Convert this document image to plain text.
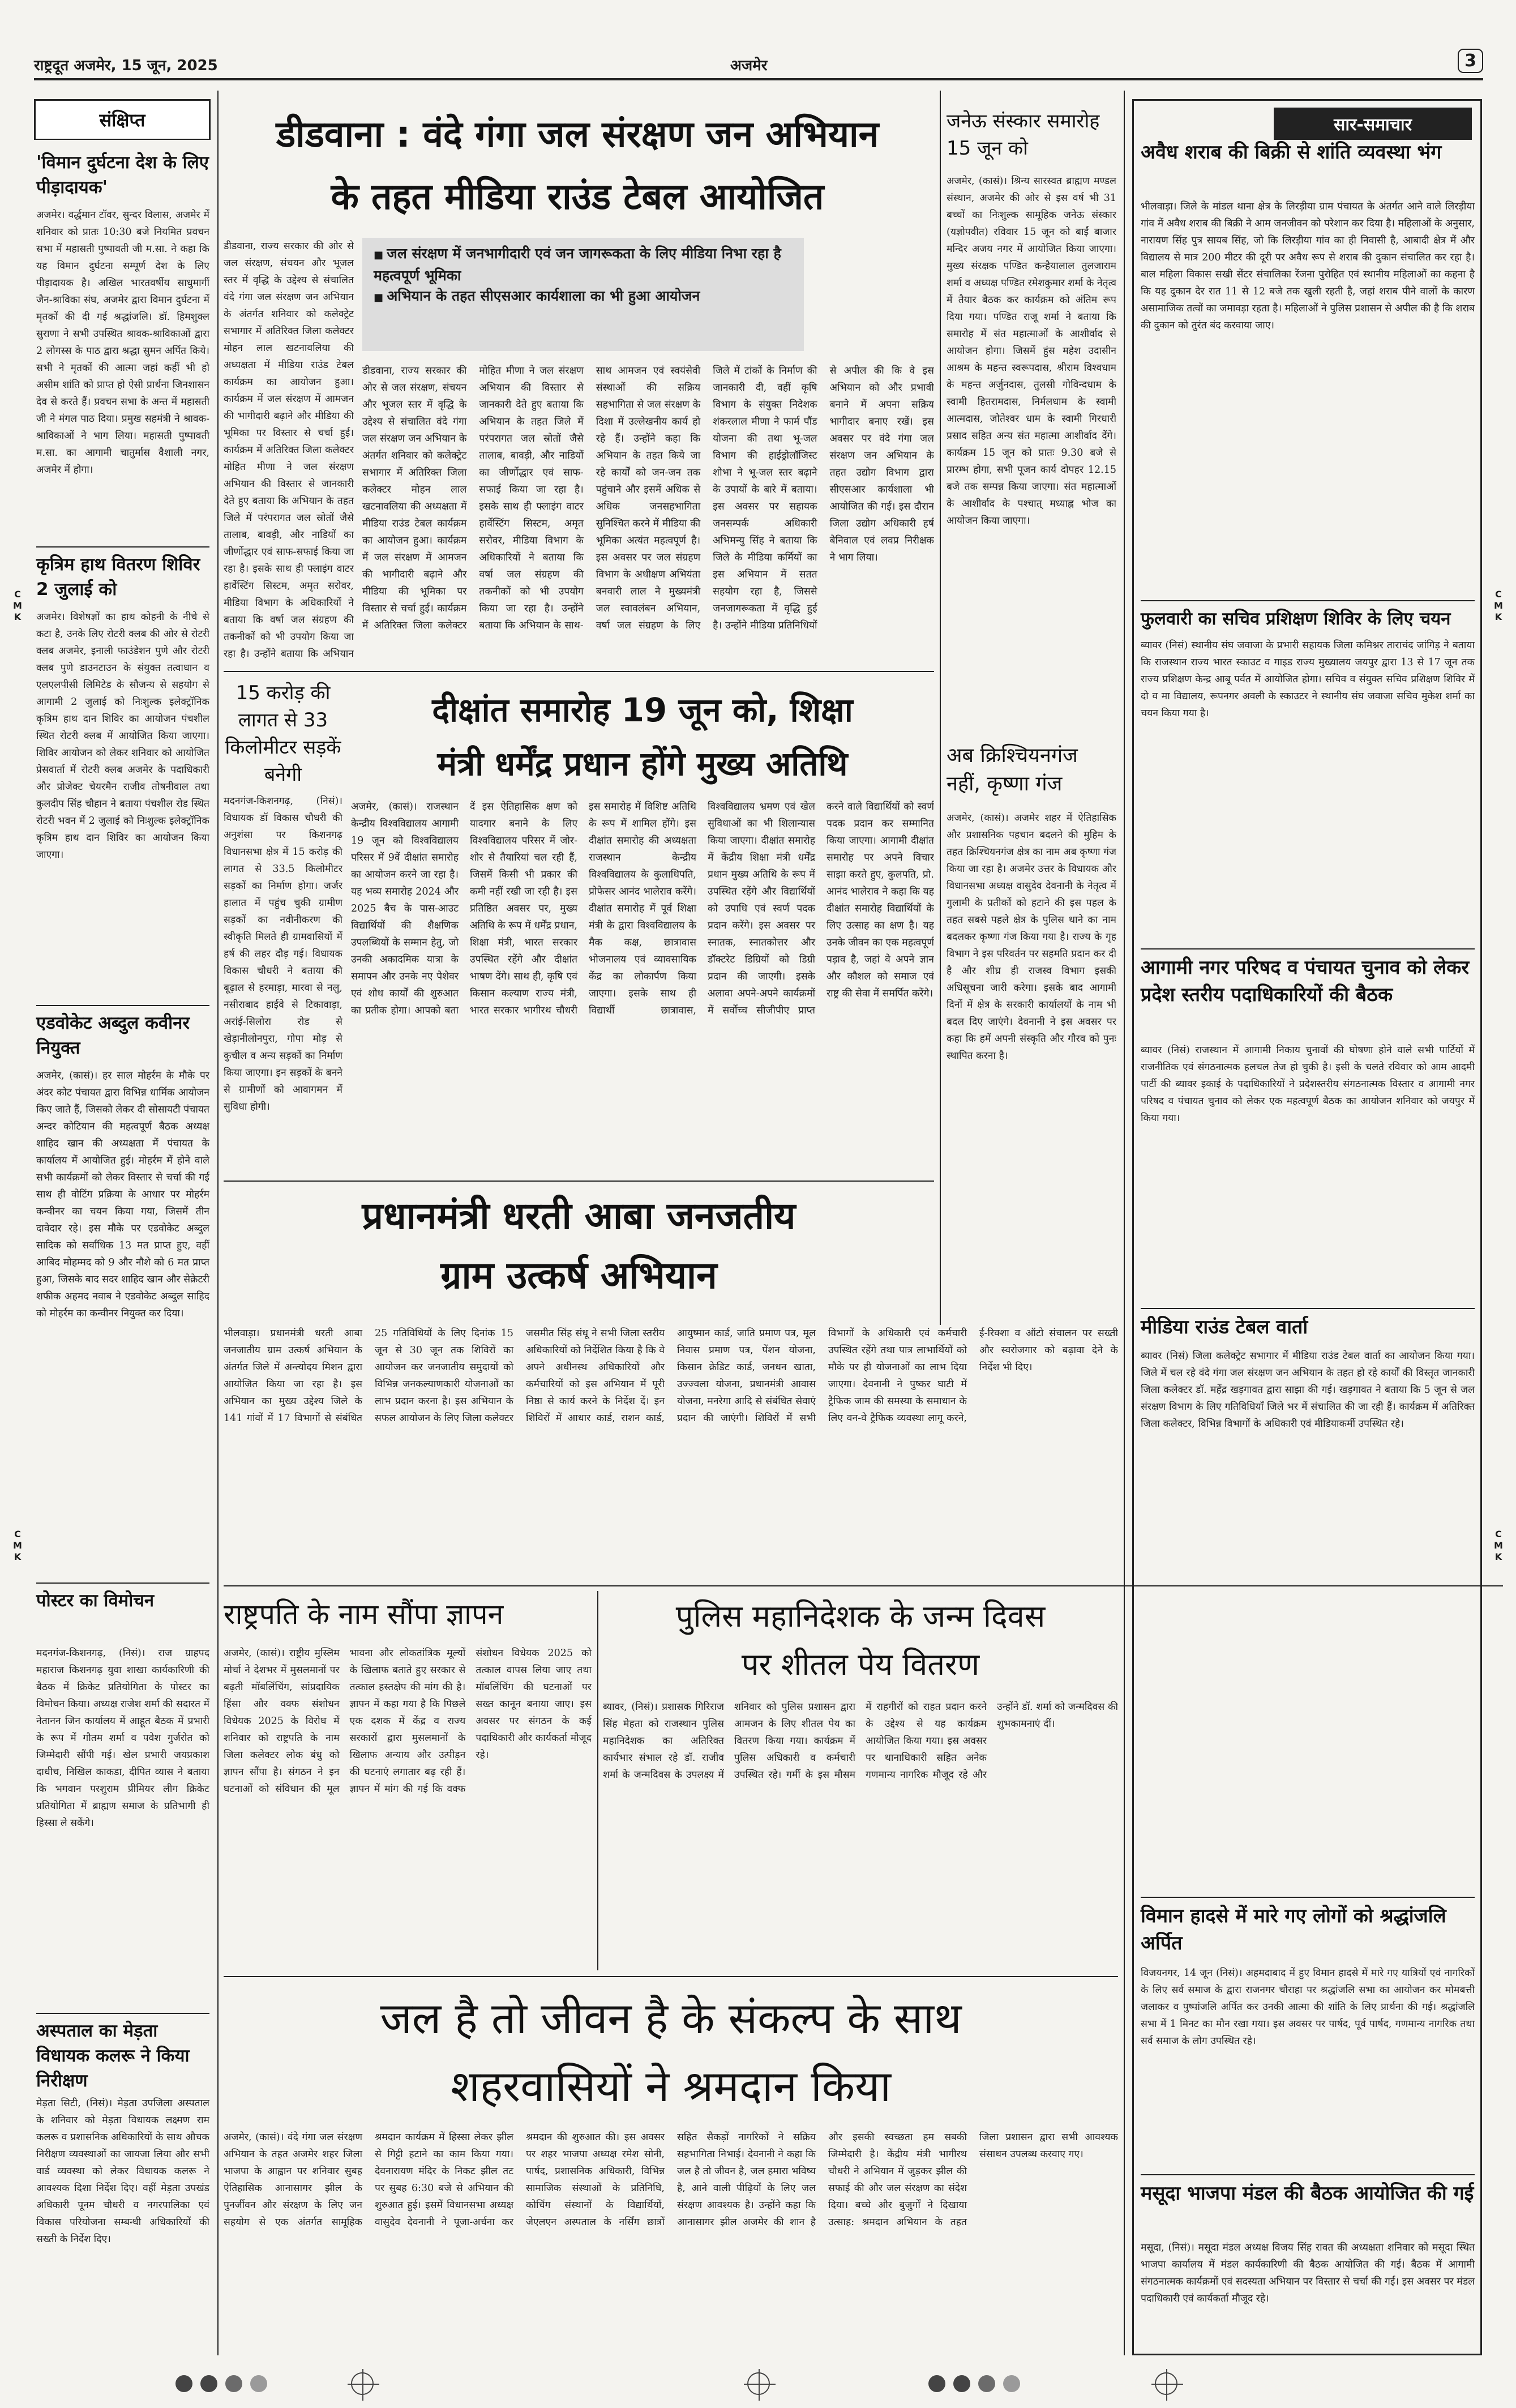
राष्ट्रदूत अजमेर, 15 जून, 2025	अजमेर	3
C
M
K
C
M
K
C
M
K
C
M
K
संक्षिप्त
'विमान दुर्घटना देश के लिए पीड़ादायक'
अजमेर। वर्द्धमान टॉवर, सुन्दर विलास, अजमेर में शनिवार को प्रातः 10:30 बजे नियमित प्रवचन सभा में महासती पुष्पावती जी म.सा. ने कहा कि यह विमान दुर्घटना सम्पूर्ण देश के लिए पीड़ादायक है। अखिल भारतवर्षीय साधुमार्गी जैन-श्राविका संघ, अजमेर द्वारा विमान दुर्घटना में मृतकों की दी गई श्रद्धांजलि। डॉ. हिमशुक्ल सुराणा ने सभी उपस्थित श्रावक-श्राविकाओं द्वारा 2 लोगस्स के पाठ द्वारा श्रद्धा सुमन अर्पित किये। सभी ने मृतकों की आत्मा जहां कहीं भी हो असीम शांति को प्राप्त हो ऐसी प्रार्थना जिनशासन देव से करते हैं। प्रवचन सभा के अन्त में महासती जी ने मंगल पाठ दिया। प्रमुख सहमंत्री ने श्रावक-श्राविकाओं ने भाग लिया। महासती पुष्पावती म.सा. का आगामी चातुर्मास वैशाली नगर, अजमेर में होगा।
कृत्रिम हाथ वितरण शिविर 2 जुलाई को
अजमेर। विशेषज्ञों का हाथ कोहनी के नीचे से कटा है, उनके लिए रोटरी क्लब की ओर से रोटरी क्लब अजमेर, इनाली फाउंडेशन पुणे और रोटरी क्लब पुणे डाउनटाउन के संयुक्त तत्वाधान व एलएलपीसी लिमिटेड के सौजन्य से सहयोग से आगामी 2 जुलाई को निःशुल्क इलेक्ट्रॉनिक कृत्रिम हाथ दान शिविर का आयोजन पंचशील स्थित रोटरी क्लब में आयोजित किया जाएगा। शिविर आयोजन को लेकर शनिवार को आयोजित प्रेसवार्ता में रोटरी क्लब अजमेर के पदाधिकारी और प्रोजेक्ट चेयरमैन राजीव तोषनीवाल तथा कुलदीप सिंह चौहान ने बताया पंचशील रोड स्थित रोटरी भवन में 2 जुलाई को निःशुल्क इलेक्ट्रॉनिक कृत्रिम हाथ दान शिविर का आयोजन किया जाएगा।
एडवोकेट अब्दुल कवीनर नियुक्त
अजमेर, (कासं)। हर साल मोहर्रम के मौके पर अंदर कोट पंचायत द्वारा विभिन्न धार्मिक आयोजन किए जाते हैं, जिसको लेकर दी सोसायटी पंचायत अन्दर कोटियान की महत्वपूर्ण बैठक अध्यक्ष शाहिद खान की अध्यक्षता में पंचायत के कार्यालय में आयोजित हुई। मोहर्रम में होने वाले सभी कार्यक्रमों को लेकर विस्तार से चर्चा की गई साथ ही वोटिंग प्रक्रिया के आधार पर मोहर्रम कन्वीनर का चयन किया गया, जिसमें तीन दावेदार रहे। इस मौके पर एडवोकेट अब्दुल सादिक को सर्वाधिक 13 मत प्राप्त हुए, वहीं आबिद मोहम्मद को 9 और नौशे को 6 मत प्राप्त हुआ, जिसके बाद सदर शाहिद खान और सेक्रेटरी शफीक अहमद नवाब ने एडवोकेट अब्दुल साहिद को मोहर्रम का कन्वीनर नियुक्त कर दिया।
पोस्टर का विमोचन
मदनगंज-किशनगढ़, (निसं)। राज ग्राहपद महाराज किशनगढ़ युवा शाखा कार्यकारिणी की बैठक में क्रिकेट प्रतियोगिता के पोस्टर का विमोचन किया। अध्यक्ष राजेश शर्मा की सदारत में नेतानन जिन कार्यालय में आहूत बैठक में प्रभारी के रूप में गौतम शर्मा व पवेश गुर्जरोत को जिम्मेदारी सौंपी गई। खेल प्रभारी जयप्रकाश दाधीच, निखिल काकडा, दीपित व्यास ने बताया कि भगवान परशुराम प्रीमियर लीग क्रिकेट प्रतियोगिता में ब्राह्मण समाज के प्रतिभागी ही हिस्सा ले सकेंगे।
अस्पताल का मेड़ता विधायक कलरू ने किया निरीक्षण
मेड़ता सिटी, (निसं)। मेड़ता उपजिला अस्पताल के शनिवार को मेड़ता विधायक लक्ष्मण राम कलरू व प्रशासनिक अधिकारियों के साथ औचक निरीक्षण व्यवस्थाओं का जायजा लिया और सभी वार्ड व्यवस्था को लेकर विधायक कलरू ने आवश्यक दिशा निर्देश दिए। वहीं मेड़ता उपखंड अधिकारी पूनम चौधरी व नगरपालिका एवं विकास परियोजना सम्बन्धी अधिकारियों की सख्ती के निर्देश दिए।
डीडवाना : वंदे गंगा जल संरक्षण जन अभियान
के तहत मीडिया राउंड टेबल आयोजित
■ जल संरक्षण में जनभागीदारी एवं जन जागरूकता के लिए मीडिया निभा रहा है महत्वपूर्ण भूमिका
■ अभियान के तहत सीएसआर कार्यशाला का भी हुआ आयोजन
डीडवाना, राज्य सरकार की ओर से जल संरक्षण, संचयन और भूजल स्तर में वृद्धि के उद्देश्य से संचालित वंदे गंगा जल संरक्षण जन अभियान के अंतर्गत शनिवार को कलेक्ट्रेट सभागार में अतिरिक्त जिला कलेक्टर मोहन लाल खटनावलिया की अध्यक्षता में मीडिया राउंड टेबल कार्यक्रम का आयोजन हुआ। कार्यक्रम में जल संरक्षण में आमजन की भागीदारी बढ़ाने और मीडिया की भूमिका पर विस्तार से चर्चा हुई। कार्यक्रम में अतिरिक्त जिला कलेक्टर मोहित मीणा ने जल संरक्षण अभियान की विस्तार से जानकारी देते हुए बताया कि अभियान के तहत जिले में परंपरागत जल स्रोतों जैसे तालाब, बावड़ी, और नाडियों का जीर्णोद्धार एवं साफ-सफाई किया जा रहा है। इसके साथ ही फ्लाइंग वाटर हार्वेस्टिंग सिस्टम, अमृत सरोवर, मीडिया विभाग के अधिकारियों ने बताया कि वर्षा जल संग्रहण की तकनीकों को भी उपयोग किया जा रहा है। उन्होंने बताया कि अभियान
डीडवाना, राज्य सरकार की ओर से जल संरक्षण, संचयन और भूजल स्तर में वृद्धि के उद्देश्य से संचालित वंदे गंगा जल संरक्षण जन अभियान के अंतर्गत शनिवार को कलेक्ट्रेट सभागार में अतिरिक्त जिला कलेक्टर मोहन लाल खटनावलिया की अध्यक्षता में मीडिया राउंड टेबल कार्यक्रम का आयोजन हुआ। कार्यक्रम में जल संरक्षण में आमजन की भागीदारी बढ़ाने और मीडिया की भूमिका पर विस्तार से चर्चा हुई। कार्यक्रम में अतिरिक्त जिला कलेक्टर मोहित मीणा ने जल संरक्षण अभियान की विस्तार से जानकारी देते हुए बताया कि अभियान के तहत जिले में परंपरागत जल स्रोतों जैसे तालाब, बावड़ी, और नाडियों का जीर्णोद्धार एवं साफ-सफाई किया जा रहा है। इसके साथ ही फ्लाइंग वाटर हार्वेस्टिंग सिस्टम, अमृत सरोवर, मीडिया विभाग के अधिकारियों ने बताया कि वर्षा जल संग्रहण की तकनीकों को भी उपयोग किया जा रहा है। उन्होंने बताया कि अभियान के साथ-साथ आमजन एवं स्वयंसेवी संस्थाओं की सक्रिय सहभागिता से जल संरक्षण के दिशा में उल्लेखनीय कार्य हो रहे हैं। उन्होंने कहा कि अभियान के तहत किये जा रहे कार्यों को जन-जन तक पहुंचाने और इसमें अधिक से अधिक जनसहभागिता सुनिश्चित करने में मीडिया की भूमिका अत्यंत महत्वपूर्ण है। इस अवसर पर जल संग्रहण विभाग के अधीक्षण अभियंता बनवारी लाल ने मुख्यमंत्री जल स्वावलंबन अभियान, वर्षा जल संग्रहण के लिए जिले में टांकों के निर्माण की जानकारी दी, वहीं कृषि विभाग के संयुक्त निदेशक शंकरलाल मीणा ने फार्म पौंड योजना की तथा भू-जल विभाग की हाईड्रोलॉजिस्ट शोभा ने भू-जल स्तर बढ़ाने के उपायों के बारे में बताया। इस अवसर पर सहायक जनसम्पर्क अधिकारी अभिमन्यु सिंह ने बताया कि जिले के मीडिया कर्मियों का इस अभियान में सतत सहयोग रहा है, जिससे जनजागरूकता में वृद्धि हुई है। उन्होंने मीडिया प्रतिनिधियों से अपील की कि वे इस अभियान को और प्रभावी बनाने में अपना सक्रिय भागीदार बनाए रखें। इस अवसर पर वंदे गंगा जल संरक्षण जन अभियान के तहत उद्योग विभाग द्वारा सीएसआर कार्यशाला भी आयोजित की गई। इस दौरान जिला उद्योग अधिकारी हर्ष बेनिवाल एवं लवप्र निरीक्षक ने भाग लिया।
जनेऊ संस्कार समारोह 15 जून को
अजमेर, (कासं)। श्रिन्य सारस्वत ब्राह्मण मण्डल संस्थान, अजमेर की ओर से इस वर्ष भी 31 बच्चों का निःशुल्क सामूहिक जनेऊ संस्कार (यज्ञोपवीत) रविवार 15 जून को बाईं बाजार मन्दिर अजय नगर में आयोजित किया जाएगा। मुख्य संरक्षक पण्डित कन्हैयालाल तुलजाराम शर्मा व अध्यक्ष पण्डित रमेशकुमार शर्मा के नेतृत्व में तैयार बैठक कर कार्यक्रम को अंतिम रूप दिया गया। पण्डित राजू शर्मा ने बताया कि समारोह में संत महात्माओं के आशीर्वाद से आयोजन होगा। जिसमें हुंस महेश उदासीन आश्रम के महन्त स्वरूपदास, श्रीराम विश्वधाम के महन्त अर्जुनदास, तुलसी गोविन्दधाम के स्वामी हितरामदास, निर्मलधाम के स्वामी आत्मदास, जोतेश्वर धाम के स्वामी गिरधारी प्रसाद सहित अन्य संत महात्मा आशीर्वाद देंगे। कार्यक्रम 15 जून को प्रातः 9.30 बजे से प्रारम्भ होगा, सभी पूजन कार्य दोपहर 12.15 बजे तक सम्पन्न किया जाएगा। संत महात्माओं के आशीर्वाद के पश्चात् मध्याह्न भोज का आयोजन किया जाएगा।
अब क्रिश्चियनगंज नहीं, कृष्णा गंज
अजमेर, (कासं)। अजमेर शहर में ऐतिहासिक और प्रशासनिक पहचान बदलने की मुहिम के तहत क्रिश्चियनगंज क्षेत्र का नाम अब कृष्णा गंज किया जा रहा है। अजमेर उत्तर के विधायक और विधानसभा अध्यक्ष वासुदेव देवनानी के नेतृत्व में गुलामी के प्रतीकों को हटाने की इस पहल के तहत सबसे पहले क्षेत्र के पुलिस थाने का नाम बदलकर कृष्णा गंज किया गया है। राज्य के गृह विभाग ने इस परिवर्तन पर सहमति प्रदान कर दी है और शीघ्र ही राजस्व विभाग इसकी अधिसूचना जारी करेगा। इसके बाद आगामी दिनों में क्षेत्र के सरकारी कार्यालयों के नाम भी बदल दिए जाएंगे। देवनानी ने इस अवसर पर कहा कि हमें अपनी संस्कृति और गौरव को पुनः स्थापित करना है।
15 करोड़ की लागत से 33 किलोमीटर सड़कें बनेगी
मदनगंज-किशनगढ़, (निसं)। विधायक डॉ विकास चौधरी की अनुशंसा पर किशनगढ़ विधानसभा क्षेत्र में 15 करोड़ की लागत से 33.5 किलोमीटर सड़कों का निर्माण होगा। जर्जर हालात में पहुंच चुकी ग्रामीण सड़कों का नवीनीकरण की स्वीकृति मिलते ही ग्रामवासियों में हर्ष की लहर दौड़ गई। विधायक विकास चौधरी ने बताया की बूढ़ाल से हरमाड़ा, मारवा से नलु, नसीराबाद हाईवे से टिकावाड़ा, अरांई-सिलोरा रोड से खेड़ानीलोनपुरा, गोपा मोड़ से कुचील व अन्य सड़कों का निर्माण किया जाएगा। इन सड़कों के बनने से ग्रामीणों को आवागमन में सुविधा होगी।
दीक्षांत समारोह 19 जून को, शिक्षा
मंत्री धर्मेंद्र प्रधान होंगे मुख्य अतिथि
अजमेर, (कासं)। राजस्थान केन्द्रीय विश्वविद्यालय आगामी 19 जून को विश्वविद्यालय परिसर में 9वें दीक्षांत समारोह का आयोजन करने जा रहा है। यह भव्य समारोह 2024 और 2025 बैच के पास-आउट विद्यार्थियों की शैक्षणिक उपलब्धियों के सम्मान हेतु, जो उनकी अकादमिक यात्रा के समापन और उनके नए पेशेवर एवं शोध कार्यों की शुरुआत का प्रतीक होगा। आपको बता दें इस ऐतिहासिक क्षण को यादगार बनाने के लिए विश्वविद्यालय परिसर में जोर-शोर से तैयारियां चल रही हैं, जिसमें किसी भी प्रकार की कमी नहीं रखी जा रही है। इस प्रतिष्ठित अवसर पर, मुख्य अतिथि के रूप में धर्मेंद्र प्रधान, शिक्षा मंत्री, भारत सरकार उपस्थित रहेंगे और दीक्षांत भाषण देंगे। साथ ही, कृषि एवं किसान कल्याण राज्य मंत्री, भारत सरकार भागीरथ चौधरी इस समारोह में विशिष्ट अतिथि के रूप में शामिल होंगे। इस दीक्षांत समारोह की अध्यक्षता राजस्थान केन्द्रीय विश्वविद्यालय के कुलाधिपति, प्रोफेसर आनंद भालेराव करेंगे। दीक्षांत समारोह में पूर्व शिक्षा मंत्री के द्वारा विश्वविद्यालय के मैक कक्ष, छात्रावास भोजनालय एवं व्यावसायिक केंद्र का लोकार्पण किया जाएगा। इसके साथ ही विद्यार्थी छात्रावास, विश्वविद्यालय भ्रमण एवं खेल सुविधाओं का भी शिलान्यास किया जाएगा। दीक्षांत समारोह में केंद्रीय शिक्षा मंत्री धर्मेंद्र प्रधान मुख्य अतिथि के रूप में उपस्थित रहेंगे और विद्यार्थियों को उपाधि एवं स्वर्ण पदक प्रदान करेंगे। इस अवसर पर स्नातक, स्नातकोत्तर और डॉक्टरेट डिग्रियों को डिग्री प्रदान की जाएगी। इसके अलावा अपने-अपने कार्यक्रमों में सर्वोच्च सीजीपीए प्राप्त करने वाले विद्यार्थियों को स्वर्ण पदक प्रदान कर सम्मानित किया जाएगा। आगामी दीक्षांत समारोह पर अपने विचार साझा करते हुए, कुलपति, प्रो. आनंद भालेराव ने कहा कि यह दीक्षांत समारोह विद्यार्थियों के लिए उत्साह का क्षण है। यह उनके जीवन का एक महत्वपूर्ण पड़ाव है, जहां वे अपने ज्ञान और कौशल को समाज एवं राष्ट्र की सेवा में समर्पित करेंगे।
प्रधानमंत्री धरती आबा जनजतीय
ग्राम उत्कर्ष अभियान
भीलवाड़ा। प्रधानमंत्री धरती आबा जनजातीय ग्राम उत्कर्ष अभियान के अंतर्गत जिले में अन्त्योदय मिशन द्वारा आयोजित किया जा रहा है। इस अभियान का मुख्य उद्देश्य जिले के 141 गांवों में 17 विभागों से संबंधित 25 गतिविधियों के लिए दिनांक 15 जून से 30 जून तक शिविरों का आयोजन कर जनजातीय समुदायों को विभिन्न जनकल्याणकारी योजनाओं का लाभ प्रदान करना है। इस अभियान के सफल आयोजन के लिए जिला कलेक्टर जसमीत सिंह संधू ने सभी जिला स्तरीय अधिकारियों को निर्देशित किया है कि वे अपने अधीनस्थ अधिकारियों और कर्मचारियों को इस अभियान में पूरी निष्ठा से कार्य करने के निर्देश दें। इन शिविरों में आधार कार्ड, राशन कार्ड, आयुष्मान कार्ड, जाति प्रमाण पत्र, मूल निवास प्रमाण पत्र, पेंशन योजना, किसान क्रेडिट कार्ड, जनधन खाता, उज्ज्वला योजना, प्रधानमंत्री आवास योजना, मनरेगा आदि से संबंधित सेवाएं प्रदान की जाएंगी। शिविरों में सभी विभागों के अधिकारी एवं कर्मचारी उपस्थित रहेंगे तथा पात्र लाभार्थियों को मौके पर ही योजनाओं का लाभ दिया जाएगा। देवनानी ने पुष्कर घाटी में ट्रैफिक जाम की समस्या के समाधान के लिए वन-वे ट्रैफिक व्यवस्था लागू करने, ई-रिक्शा व ऑटो संचालन पर सख्ती और स्वरोजगार को बढ़ावा देने के निर्देश भी दिए।
राष्ट्रपति के नाम सौंपा ज्ञापन
अजमेर, (कासं)। राष्ट्रीय मुस्लिम मोर्चा ने देशभर में मुसलमानों पर बढ़ती मॉबलिंचिंग, सांप्रदायिक हिंसा और वक्फ संशोधन विधेयक 2025 के विरोध में शनिवार को राष्ट्रपति के नाम जिला कलेक्टर लोक बंधु को ज्ञापन सौंपा है। संगठन ने इन घटनाओं को संविधान की मूल भावना और लोकतांत्रिक मूल्यों के खिलाफ बताते हुए सरकार से तत्काल हस्तक्षेप की मांग की है। ज्ञापन में कहा गया है कि पिछले एक दशक में केंद्र व राज्य सरकारों द्वारा मुसलमानों के खिलाफ अन्याय और उत्पीड़न की घटनाएं लगातार बढ़ रही हैं। ज्ञापन में मांग की गई कि वक्फ संशोधन विधेयक 2025 को तत्काल वापस लिया जाए तथा मॉबलिंचिंग की घटनाओं पर सख्त कानून बनाया जाए। इस अवसर पर संगठन के कई पदाधिकारी और कार्यकर्ता मौजूद रहे।
पुलिस महानिदेशक के जन्म दिवस
पर शीतल पेय वितरण
ब्यावर, (निसं)। प्रशासक गिरिराज सिंह मेहता को राजस्थान पुलिस महानिदेशक का अतिरिक्त कार्यभार संभाल रहे डॉ. राजीव शर्मा के जन्मदिवस के उपलक्ष्य में शनिवार को पुलिस प्रशासन द्वारा आमजन के लिए शीतल पेय का वितरण किया गया। कार्यक्रम में पुलिस अधिकारी व कर्मचारी उपस्थित रहे। गर्मी के इस मौसम में राहगीरों को राहत प्रदान करने के उद्देश्य से यह कार्यक्रम आयोजित किया गया। इस अवसर पर थानाधिकारी सहित अनेक गणमान्य नागरिक मौजूद रहे और उन्होंने डॉ. शर्मा को जन्मदिवस की शुभकामनाएं दीं।
जल है तो जीवन है के संकल्प के साथ
शहरवासियों ने श्रमदान किया
अजमेर, (कासं)। वंदे गंगा जल संरक्षण अभियान के तहत अजमेर शहर जिला भाजपा के आह्वान पर शनिवार सुबह ऐतिहासिक आनासागर झील के पुनर्जीवन और संरक्षण के लिए जन सहयोग से एक अंतर्गत सामूहिक श्रमदान कार्यक्रम में हिस्सा लेकर झील से गिट्टी हटाने का काम किया गया। देवनारायण मंदिर के निकट झील तट पर सुबह 6:30 बजे से अभियान की शुरुआत हुई। इसमें विधानसभा अध्यक्ष वासुदेव देवनानी ने पूजा-अर्चना कर श्रमदान की शुरुआत की। इस अवसर पर शहर भाजपा अध्यक्ष रमेश सोनी, पार्षद, प्रशासनिक अधिकारी, विभिन्न सामाजिक संस्थाओं के प्रतिनिधि, कोचिंग संस्थानों के विद्यार्थियों, जेएलएन अस्पताल के नर्सिंग छात्रों सहित सैकड़ों नागरिकों ने सक्रिय सहभागिता निभाई। देवनानी ने कहा कि जल है तो जीवन है, जल हमारा भविष्य है, आने वाली पीढ़ियों के लिए जल संरक्षण आवश्यक है। उन्होंने कहा कि आनासागर झील अजमेर की शान है और इसकी स्वच्छता हम सबकी जिम्मेदारी है। केंद्रीय मंत्री भागीरथ चौधरी ने अभियान में जुड़कर झील की सफाई की और जल संरक्षण का संदेश दिया। बच्चे और बुजुर्गों ने दिखाया उत्साह: श्रमदान अभियान के तहत जिला प्रशासन द्वारा सभी आवश्यक संसाधन उपलब्ध करवाए गए।
सार-समाचार
अवैध शराब की बिक्री से शांति व्यवस्था भंग
भीलवाड़ा। जिले के मांडल थाना क्षेत्र के लिरड़ीया ग्राम पंचायत के अंतर्गत आने वाले लिरड़ीया गांव में अवैध शराब की बिक्री ने आम जनजीवन को परेशान कर दिया है। महिलाओं के अनुसार, नारायण सिंह पुत्र सायब सिंह, जो कि लिरड़ीया गांव का ही निवासी है, आबादी क्षेत्र में और विद्यालय से मात्र 200 मीटर की दूरी पर अवैध रूप से शराब की दुकान संचालित कर रहा है। बाल महिला विकास सखी सेंटर संचालिका रेंजना पुरोहित एवं स्थानीय महिलाओं का कहना है कि यह दुकान देर रात 11 से 12 बजे तक खुली रहती है, जहां शराब पीने वालों के कारण असामाजिक तत्वों का जमावड़ा रहता है। महिलाओं ने पुलिस प्रशासन से अपील की है कि शराब की दुकान को तुरंत बंद करवाया जाए।
फुलवारी का सचिव प्रशिक्षण शिविर के लिए चयन
ब्यावर (निसं) स्थानीय संघ जवाजा के प्रभारी सहायक जिला कमिश्नर ताराचंद जांगिड़ ने बताया कि राजस्थान राज्य भारत स्काउट व गाइड राज्य मुख्यालय जयपुर द्वारा 13 से 17 जून तक राज्य प्रशिक्षण केन्द्र आबू पर्वत में आयोजित होगा। सचिव व संयुक्त सचिव प्रशिक्षण शिविर में दो व मा विद्यालय, रूपनगर अवली के स्काउटर ने स्थानीय संघ जवाजा सचिव मुकेश शर्मा का चयन किया गया है।
आगामी नगर परिषद व पंचायत चुनाव को लेकर प्रदेश स्तरीय पदाधिकारियों की बैठक
ब्यावर (निसं) राजस्थान में आगामी निकाय चुनावों की घोषणा होने वाले सभी पार्टियों में राजनीतिक एवं संगठनात्मक हलचल तेज हो चुकी है। इसी के चलते रविवार को आम आदमी पार्टी की ब्यावर इकाई के पदाधिकारियों ने प्रदेशस्तरीय संगठनात्मक विस्तार व आगामी नगर परिषद व पंचायत चुनाव को लेकर एक महत्वपूर्ण बैठक का आयोजन शनिवार को जयपुर में किया गया।
मीडिया राउंड टेबल वार्ता
ब्यावर (निसं) जिला कलेक्ट्रेट सभागार में मीडिया राउंड टेबल वार्ता का आयोजन किया गया। जिले में चल रहे वंदे गंगा जल संरक्षण जन अभियान के तहत हो रहे कार्यों की विस्तृत जानकारी जिला कलेक्टर डॉ. महेंद्र खड़गावत द्वारा साझा की गई। खड़गावत ने बताया कि 5 जून से जल संरक्षण विभाग के लिए गतिविधियाँ जिले भर में संचालित की जा रही हैं। कार्यक्रम में अतिरिक्त जिला कलेक्टर, विभिन्न विभागों के अधिकारी एवं मीडियाकर्मी उपस्थित रहे।
विमान हादसे में मारे गए लोगों को श्रद्धांजलि अर्पित
विजयनगर, 14 जून (निसं)। अहमदाबाद में हुए विमान हादसे में मारे गए यात्रियों एवं नागरिकों के लिए सर्व समाज के द्वारा राजनगर चौराहा पर श्रद्धांजलि सभा का आयोजन कर मोमबत्ती जलाकर व पुष्पांजलि अर्पित कर उनकी आत्मा की शांति के लिए प्रार्थना की गई। श्रद्धांजलि सभा में 1 मिनट का मौन रखा गया। इस अवसर पर पार्षद, पूर्व पार्षद, गणमान्य नागरिक तथा सर्व समाज के लोग उपस्थित रहे।
मसूदा भाजपा मंडल की बैठक आयोजित की गई
मसूदा, (निसं)। मसूदा मंडल अध्यक्ष विजय सिंह रावत की अध्यक्षता शनिवार को मसूदा स्थित भाजपा कार्यालय में मंडल कार्यकारिणी की बैठक आयोजित की गई। बैठक में आगामी संगठनात्मक कार्यक्रमों एवं सदस्यता अभियान पर विस्तार से चर्चा की गई। इस अवसर पर मंडल पदाधिकारी एवं कार्यकर्ता मौजूद रहे।
